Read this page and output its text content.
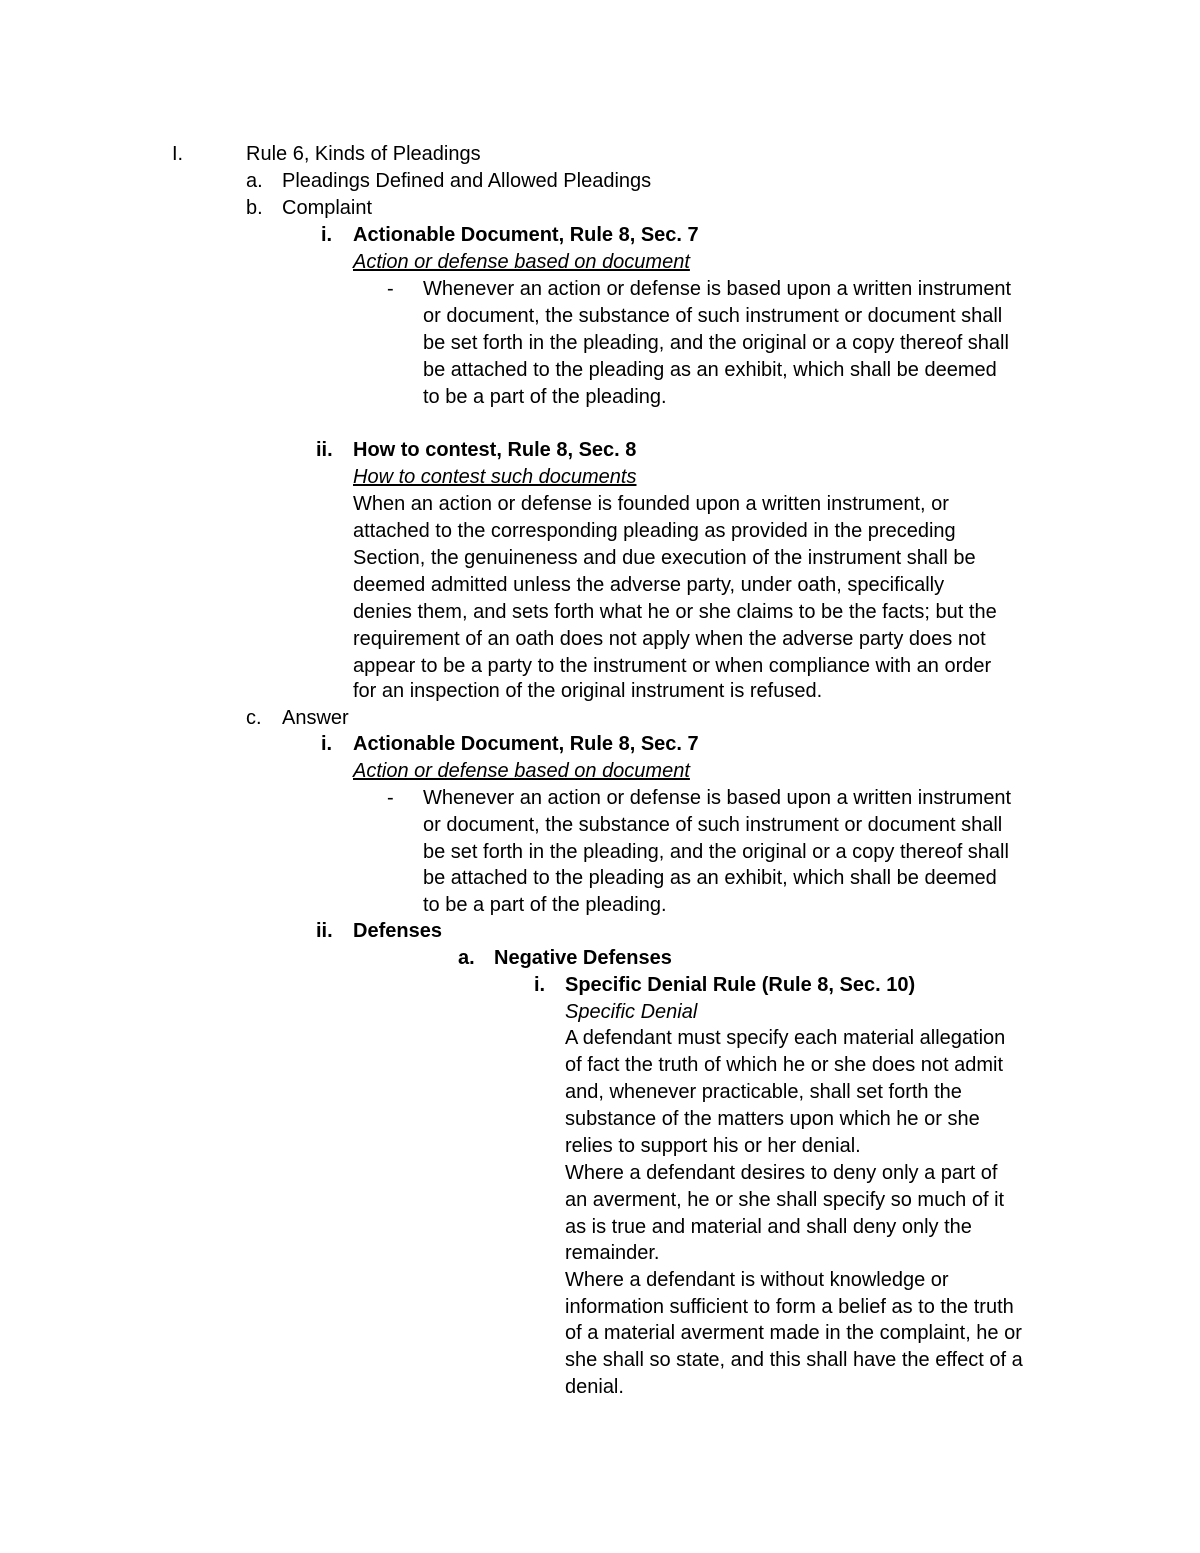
I.	Rule 6, Kinds of Pleadings
a. Pleadings Defined and Allowed Pleadings
b. Complaint
i. Actionable Document, Rule 8, Sec. 7
Action or defense based on document
- Whenever an action or defense is based upon a written instrument
or document, the substance of such instrument or document shall
be set forth in the pleading, and the original or a copy thereof shall
be attached to the pleading as an exhibit, which shall be deemed
to be a part of the pleading.
ii. How to contest, Rule 8, Sec. 8
How to contest such documents
When an action or defense is founded upon a written instrument, or
attached to the corresponding pleading as provided in the preceding
Section, the genuineness and due execution of the instrument shall be
deemed admitted unless the adverse party, under oath, specifically
denies them, and sets forth what he or she claims to be the facts; but the
requirement of an oath does not apply when the adverse party does not
appear to be a party to the instrument or when compliance with an order
for an inspection of the original instrument is refused.
c. Answer
i. Actionable Document, Rule 8, Sec. 7
Action or defense based on document
- Whenever an action or defense is based upon a written instrument
or document, the substance of such instrument or document shall
be set forth in the pleading, and the original or a copy thereof shall
be attached to the pleading as an exhibit, which shall be deemed
to be a part of the pleading.
ii. Defenses
a. Negative Defenses
i. Specific Denial Rule (Rule 8, Sec. 10)
Specific Denial
A defendant must specify each material allegation
of fact the truth of which he or she does not admit
and, whenever practicable, shall set forth the
substance of the matters upon which he or she
relies to support his or her denial.
Where a defendant desires to deny only a part of
an averment, he or she shall specify so much of it
as is true and material and shall deny only the
remainder.
Where a defendant is without knowledge or
information sufficient to form a belief as to the truth
of a material averment made in the complaint, he or
she shall so state, and this shall have the effect of a
denial.
